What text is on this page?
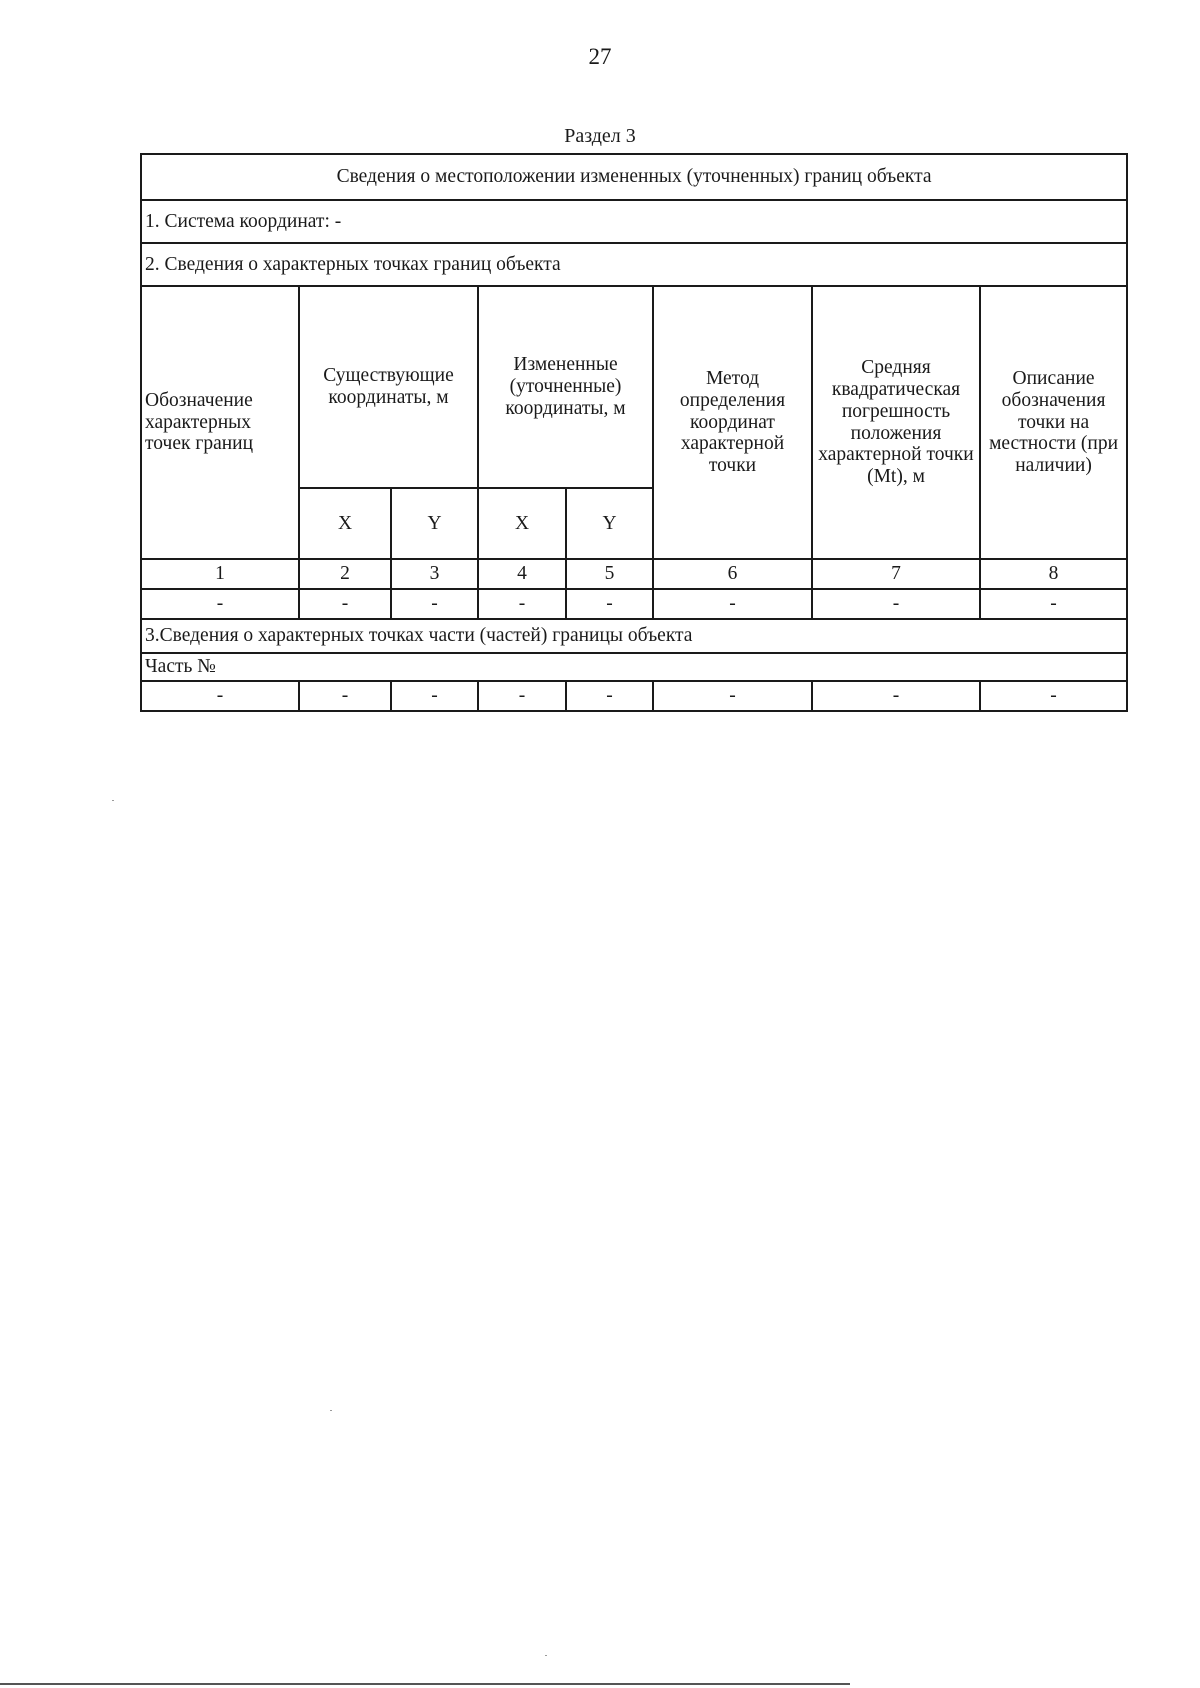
27
Раздел 3
Сведения о местоположении измененных (уточненных) границ объекта							
1. Система координат: -							
2. Сведения о характерных точках границ объекта							
Обозначение характерных точек границ	Существующие координаты, м		Измененные (уточненные) координаты, м		Метод определения координат характерной точки	Средняя квадратическая погрешность положения характерной точки (Mt), м	Описание обозначения точки на местности (при наличии)
	X	Y	X	Y			
1	2	3	4	5	6	7	8
-	-	-	-	-	-	-	-
3.Сведения о характерных точках части (частей) границы объекта							
Часть №							
-	-	-	-	-	-	-	-
